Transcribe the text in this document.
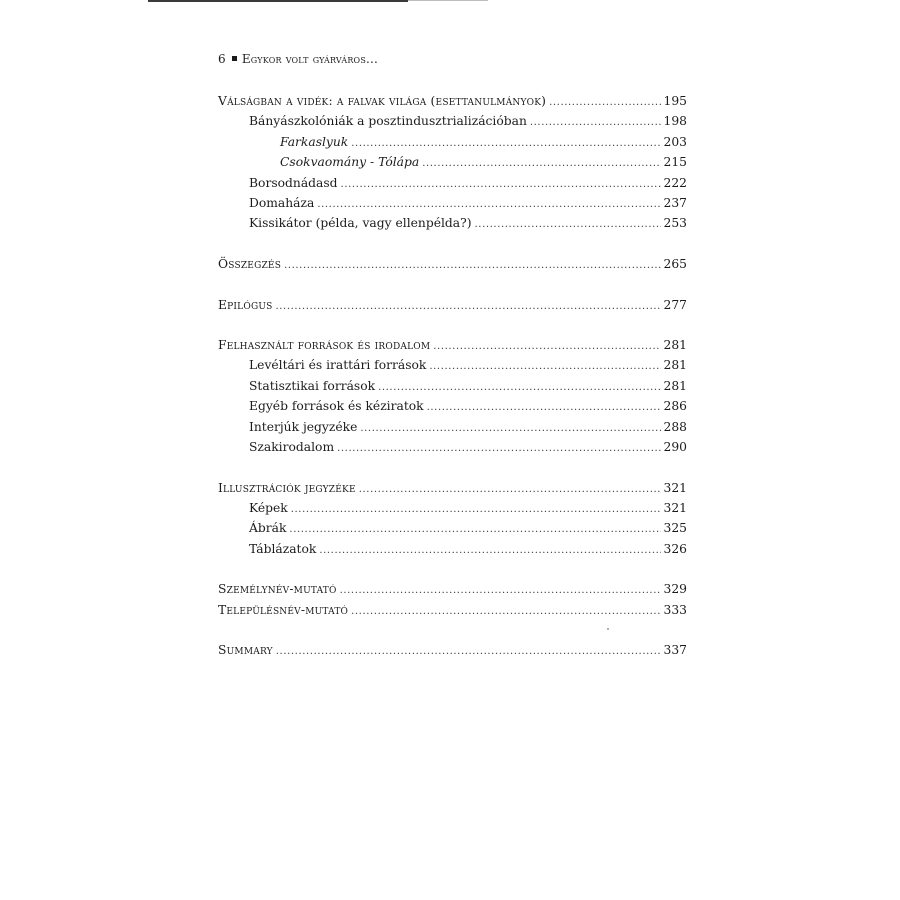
6 Egykor volt gyárváros...
Válságban a vidék: a falvak világa (esettanulmányok) .....	195
Bányászkolóniák a posztindusztrializációban .....	198
Farkaslyuk .....	203
Csokvaomány - Tólápa .....	215
Borsodnádasd .....	222
Domaháza .....	237
Kissikátor (példa, vagy ellenpélda?) .....	253
Összegzés .....	265
Epilógus .....	277
Felhasznált források és irodalom .....	281
Levéltári és irattári források .....	281
Statisztikai források .....	281
Egyéb források és kéziratok .....	286
Interjúk jegyzéke .....	288
Szakirodalom .....	290
Illusztrációk jegyzéke .....	321
Képek .....	321
Ábrák .....	325
Táblázatok .....	326
Személynév-mutató .....	329
Településnév-mutató .....	333
Summary .....	337
